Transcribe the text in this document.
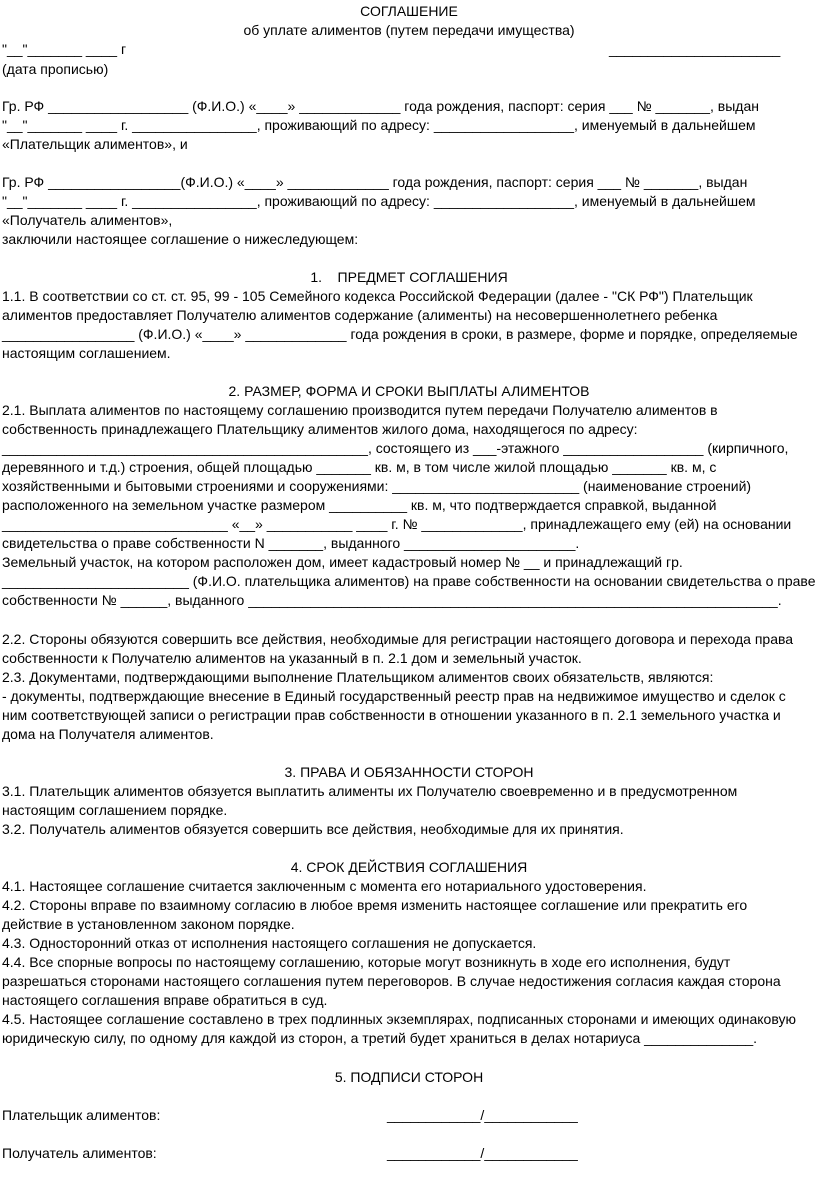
СОГЛАШЕНИЕ
об уплате алиментов (путем передачи имущества)
"__"_______ ____ г	______________________
(дата прописью)
Гр. РФ __________________ (Ф.И.О.) «____» _____________ года рождения, паспорт: серия ___ № _______, выдан
"__"_______ ____ г. ________________, проживающий по адресу: __________________, именуемый в дальнейшем
«Плательщик алиментов», и
Гр. РФ _________________(Ф.И.О.) «____» _____________ года рождения, паспорт: серия ___ № _______, выдан
"__"_______ ____ г. ________________, проживающий по адресу: __________________, именуемый в дальнейшем
«Получатель алиментов»,
заключили настоящее соглашение о нижеследующем:
1.    ПРЕДМЕТ СОГЛАШЕНИЯ
1.1. В соответствии со ст. ст. 95, 99 - 105 Семейного кодекса Российской Федерации (далее - "СК РФ") Плательщик
алиментов предоставляет Получателю алиментов содержание (алименты) на несовершеннолетнего ребенка
_________________ (Ф.И.О.) «____» _____________ года рождения в сроки, в размере, форме и порядке, определяемые
настоящим соглашением.
2. РАЗМЕР, ФОРМА И СРОКИ ВЫПЛАТЫ АЛИМЕНТОВ
2.1. Выплата алиментов по настоящему соглашению производится путем передачи Получателю алиментов в
собственность принадлежащего Плательщику алиментов жилого дома, находящегося по адресу:
_______________________________________________, состоящего из ___-этажного __________________ (кирпичного,
деревянного и т.д.) строения, общей площадью _______ кв. м, в том числе жилой площадью _______ кв. м, с
хозяйственными и бытовыми строениями и сооружениями: ________________________ (наименование строений)
расположенного на земельном участке размером __________ кв. м, что подтверждается справкой, выданной
_____________________________ «__» ___________ ____ г. № _____________, принадлежащего ему (ей) на основании
свидетельства о праве собственности N _______, выданного ______________________.
Земельный участок, на котором расположен дом, имеет кадастровый номер № __ и принадлежащий гр.
________________________ (Ф.И.О. плательщика алиментов) на праве собственности на основании свидетельства о праве
собственности № ______, выданного ____________________________________________________________________.
2.2. Стороны обязуются совершить все действия, необходимые для регистрации настоящего договора и перехода права
собственности к Получателю алиментов на указанный в п. 2.1 дом и земельный участок.
2.3. Документами, подтверждающими выполнение Плательщиком алиментов своих обязательств, являются:
- документы, подтверждающие внесение в Единый государственный реестр прав на недвижимое имущество и сделок с
ним соответствующей записи о регистрации прав собственности в отношении указанного в п. 2.1 земельного участка и
дома на Получателя алиментов.
3. ПРАВА И ОБЯЗАННОСТИ СТОРОН
3.1. Плательщик алиментов обязуется выплатить алименты их Получателю своевременно и в предусмотренном
настоящим соглашением порядке.
3.2. Получатель алиментов обязуется совершить все действия, необходимые для их принятия.
4. СРОК ДЕЙСТВИЯ СОГЛАШЕНИЯ
4.1. Настоящее соглашение считается заключенным с момента его нотариального удостоверения.
4.2. Стороны вправе по взаимному согласию в любое время изменить настоящее соглашение или прекратить его
действие в установленном законом порядке.
4.3. Односторонний отказ от исполнения настоящего соглашения не допускается.
4.4. Все спорные вопросы по настоящему соглашению, которые могут возникнуть в ходе его исполнения, будут
разрешаться сторонами настоящего соглашения путем переговоров. В случае недостижения согласия каждая сторона
настоящего соглашения вправе обратиться в суд.
4.5. Настоящее соглашение составлено в трех подлинных экземплярах, подписанных сторонами и имеющих одинаковую
юридическую силу, по одному для каждой из сторон, а третий будет храниться в делах нотариуса ______________.
5. ПОДПИСИ СТОРОН
Плательщик алиментов:	____________/____________
Получатель алиментов:	____________/____________
